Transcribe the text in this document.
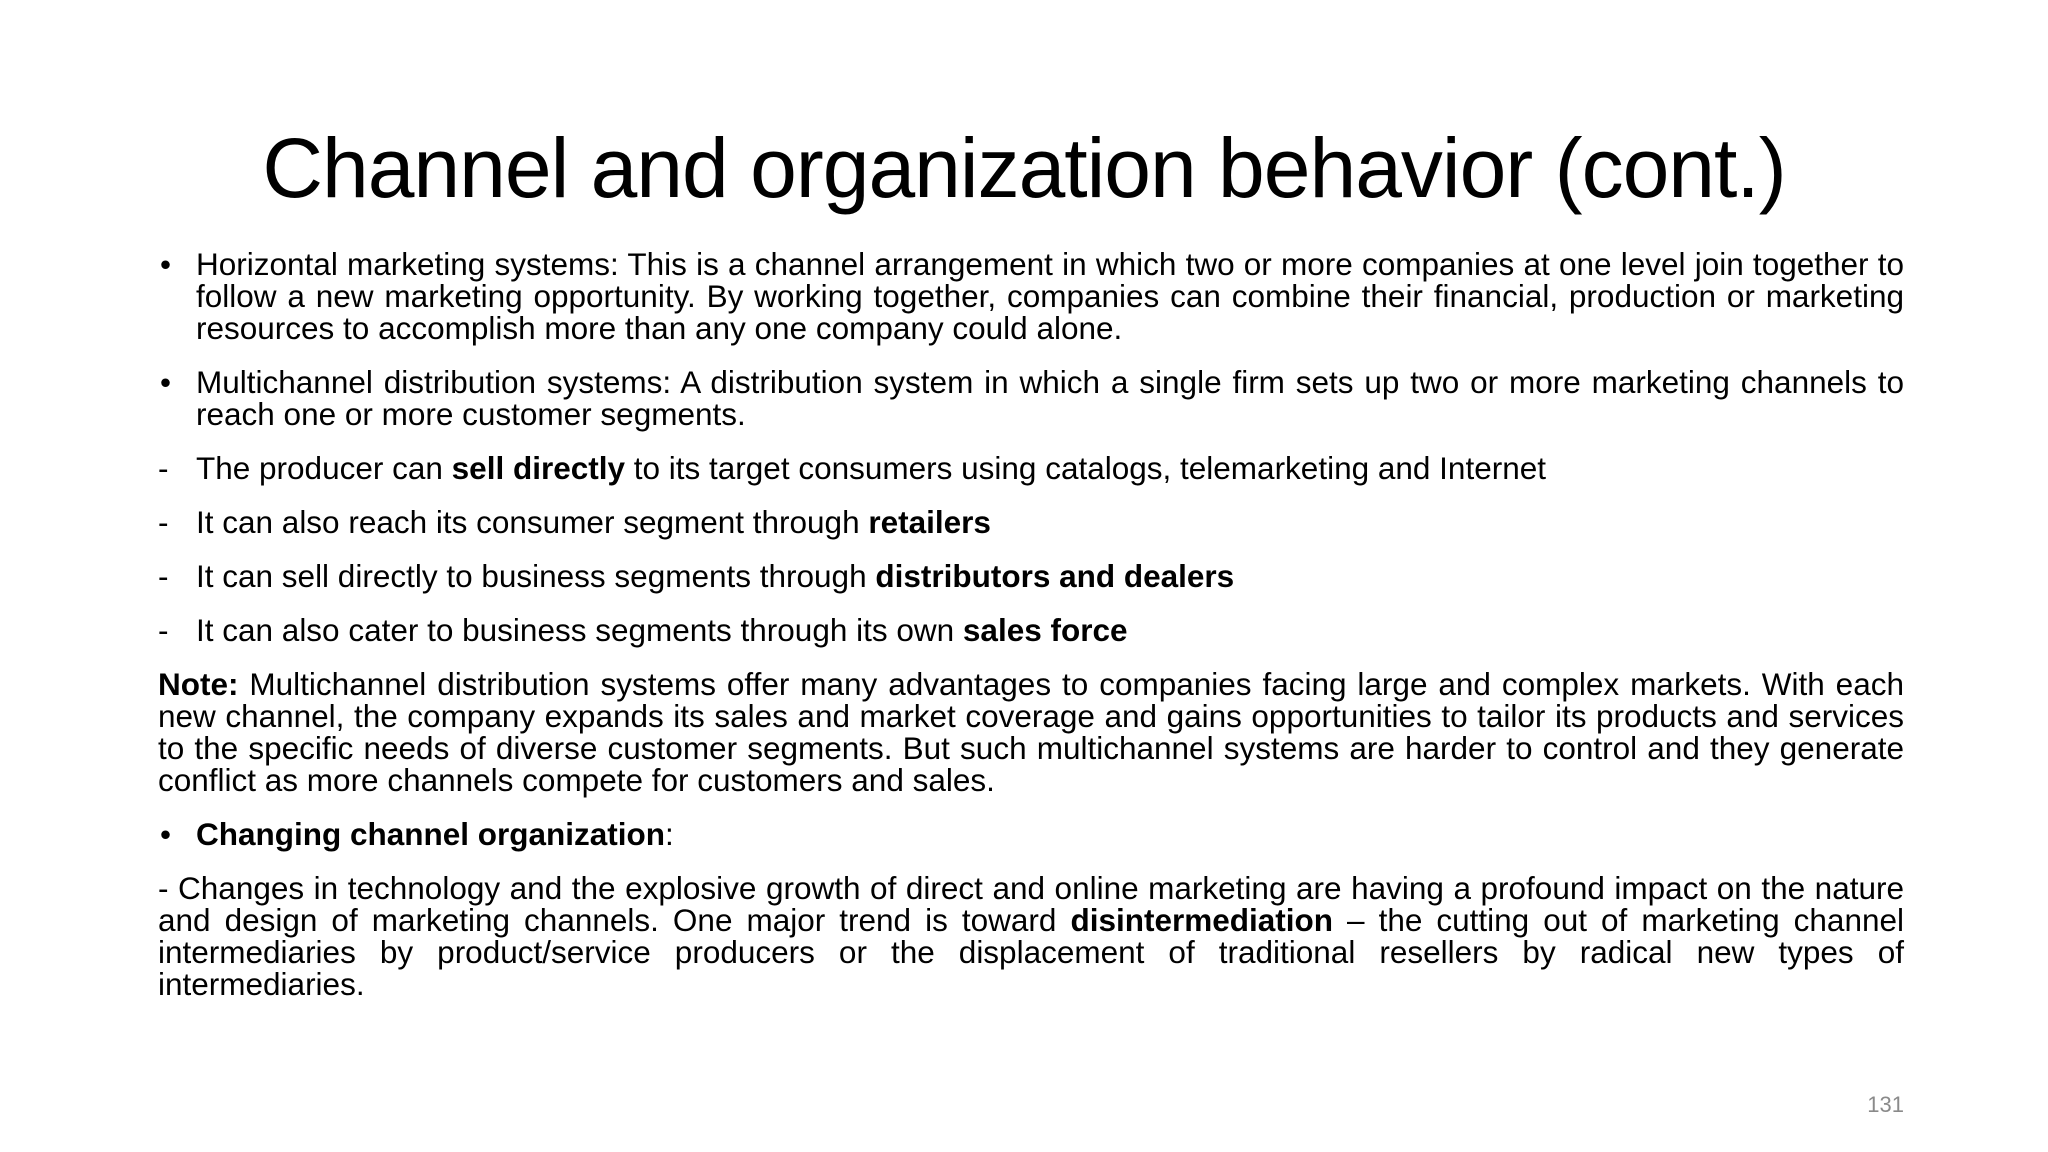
Channel and organization behavior (cont.)
• Horizontal marketing systems: This is a channel arrangement in which two or more companies at one level join together to follow a new marketing opportunity. By working together, companies can combine their financial, production or marketing resources to accomplish more than any one company could alone.
• Multichannel distribution systems: A distribution system in which a single firm sets up two or more marketing channels to reach one or more customer segments.
- The producer can sell directly to its target consumers using catalogs, telemarketing and Internet
- It can also reach its consumer segment through retailers
- It can sell directly to business segments through distributors and dealers
- It can also cater to business segments through its own sales force
Note: Multichannel distribution systems offer many advantages to companies facing large and complex markets. With each new channel, the company expands its sales and market coverage and gains opportunities to tailor its products and services to the specific needs of diverse customer segments. But such multichannel systems are harder to control and they generate conflict as more channels compete for customers and sales.
• Changing channel organization:
- Changes in technology and the explosive growth of direct and online marketing are having a profound impact on the nature and design of marketing channels. One major trend is toward disintermediation – the cutting out of marketing channel intermediaries by product/service producers or the displacement of traditional resellers by radical new types of intermediaries.
131
